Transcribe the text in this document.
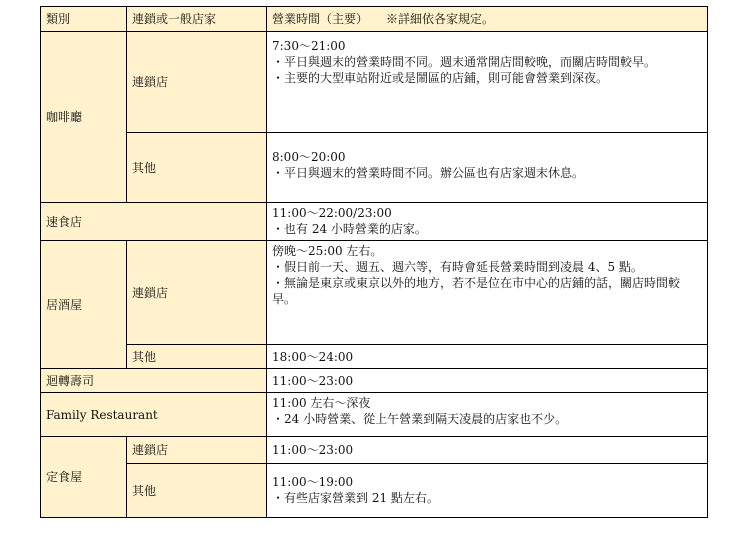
類別	連鎖或一般店家	營業時間（主要）　　※詳細依各家規定。
咖啡廳	連鎖店	7:30～21:00
・平日與週末的營業時間不同。週末通常開店間較晚，而關店時間較早。
・主要的大型車站附近或是鬧區的店鋪，則可能會營業到深夜。

	其他	8:00～20:00
・平日與週末的營業時間不同。辦公區也有店家週末休息。

速食店		11:00～22:00/23:00
・也有 24 小時營業的店家。

居酒屋	連鎖店	傍晚～25:00 左右。
・假日前一天、週五、週六等，有時會延長營業時間到凌晨 4、5 點。
・無論是東京或東京以外的地方，若不是位在市中心的店鋪的話，關店時間較早。

	其他	18:00～24:00

迴轉壽司		11:00～23:00

Family Restaurant		11:00 左右～深夜
・24 小時營業、從上午營業到隔天凌晨的店家也不少。

定食屋	連鎖店	11:00～23:00

	其他	11:00～19:00
・有些店家營業到 21 點左右。
